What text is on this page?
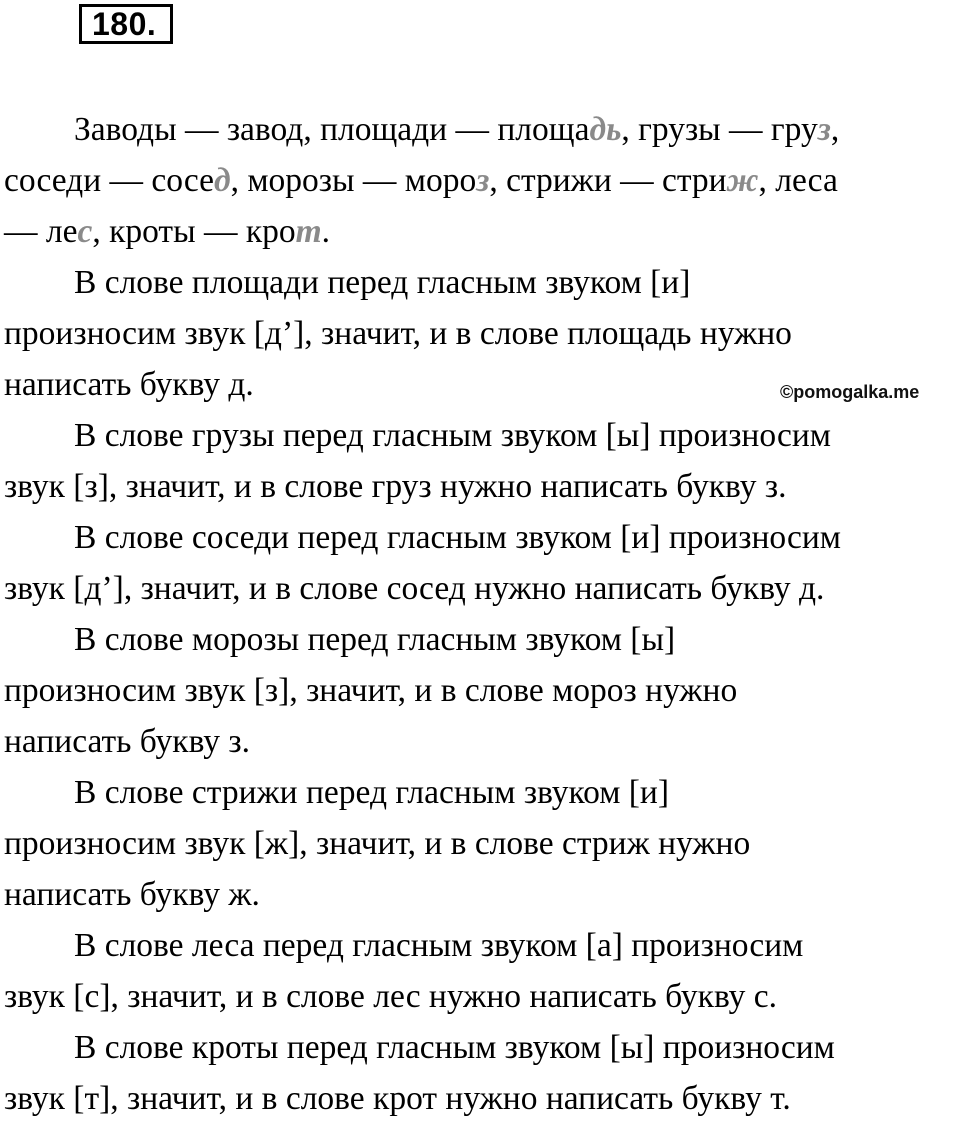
180.
©pomogalka.me

Заводы — завод, площади — площадь, грузы — груз,
соседи — сосед, морозы — мороз, стрижи — стриж, леса
— лес, кроты — крот.

В слове площади перед гласным звуком [и]
произносим звук [д’], значит, и в слове площадь нужно
написать букву д.

В слове грузы перед гласным звуком [ы] произносим
звук [з], значит, и в слове груз нужно написать букву з.

В слове соседи перед гласным звуком [и] произносим
звук [д’], значит, и в слове сосед нужно написать букву д.

В слове морозы перед гласным звуком [ы]
произносим звук [з], значит, и в слове мороз нужно
написать букву з.

В слове стрижи перед гласным звуком [и]
произносим звук [ж], значит, и в слове стриж нужно
написать букву ж.

В слове леса перед гласным звуком [а] произносим
звук [с], значит, и в слове лес нужно написать букву с.

В слове кроты перед гласным звуком [ы] произносим
звук [т], значит, и в слове крот нужно написать букву т.
